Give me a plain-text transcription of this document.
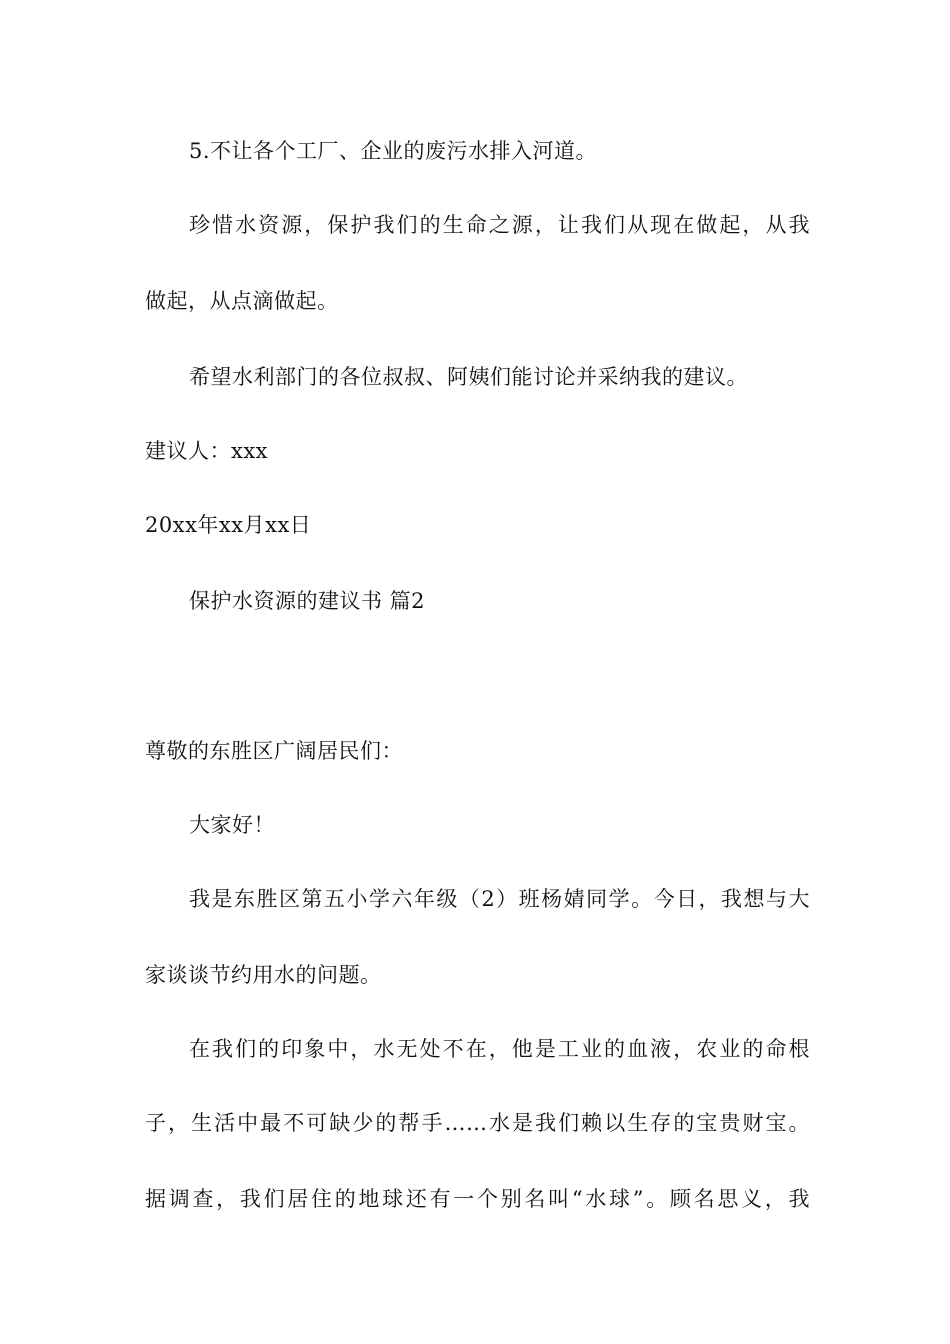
5.不让各个工厂、企业的废污水排入河道。
珍惜水资源，保护我们的生命之源，让我们从现在做起，从我
做起，从点滴做起。
希望水利部门的各位叔叔、阿姨们能讨论并采纳我的建议。
建议人：xxx
20xx年xx月xx日
保护水资源的建议书 篇2
尊敬的东胜区广阔居民们：
大家好！
我是东胜区第五小学六年级（2）班杨婧同学。今日，我想与大
家谈谈节约用水的问题。
在我们的印象中，水无处不在，他是工业的血液，农业的命根
子，生活中最不可缺少的帮手……水是我们赖以生存的宝贵财宝。
据调查，我们居住的地球还有一个别名叫“水球”。顾名思义，我
